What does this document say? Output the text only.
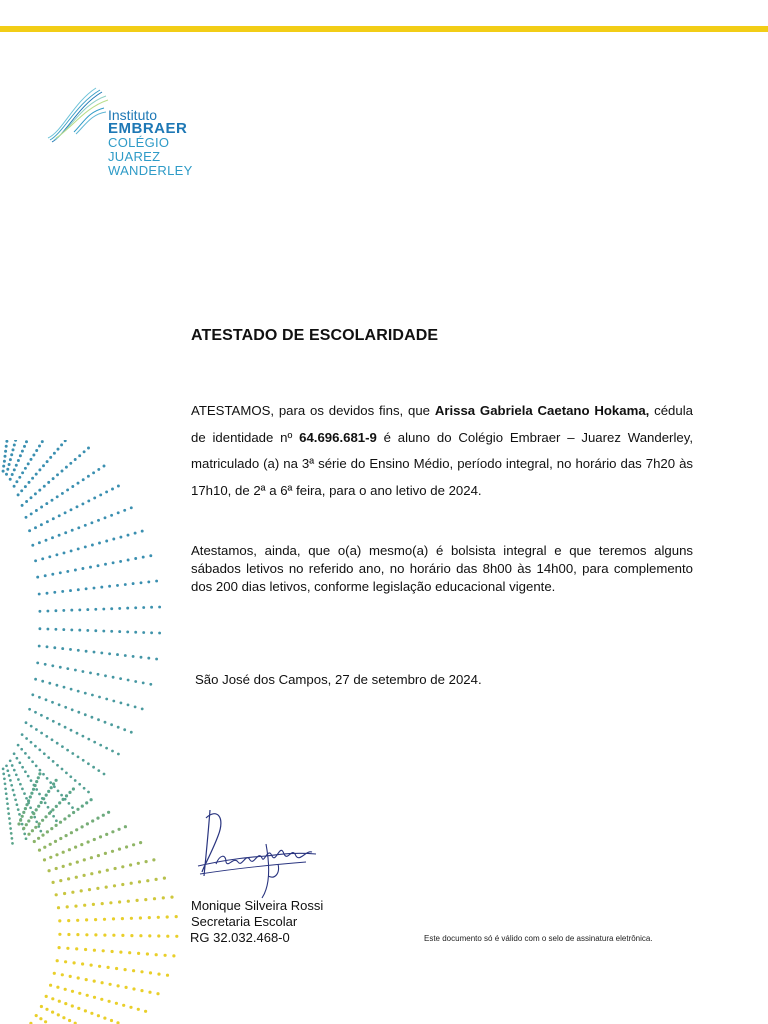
Instituto
EMBRAER
COLÉGIO
JUAREZ
WANDERLEY
ATESTADO DE ESCOLARIDADE

ATESTAMOS, para os devidos fins, que Arissa Gabriela Caetano Hokama, cédula de identidade nº 64.696.681-9 é aluno do Colégio Embraer – Juarez Wanderley, matriculado (a) na 3ª série do Ensino Médio, período integral, no horário das 7h20 às 17h10, de 2ª a 6ª feira, para o ano letivo de 2024.

Atestamos, ainda, que o(a) mesmo(a) é bolsista integral e que teremos alguns sábados letivos no referido ano, no horário das 8h00 às 14h00, para complemento dos 200 dias letivos, conforme legislação educacional vigente.

São José dos Campos, 27 de setembro de 2024.
Monique Silveira Rossi
Secretaria Escolar
RG 32.032.468-0	Este documento só é válido com o selo de assinatura eletrônica.
